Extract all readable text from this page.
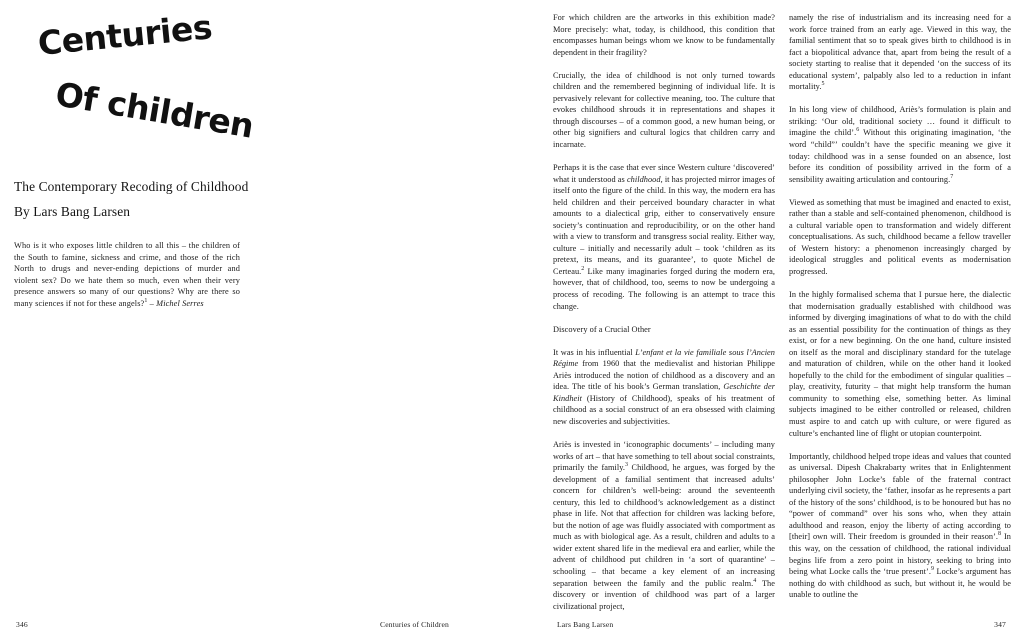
Centuries
Of children
The Contemporary Recoding of Childhood
By Lars Bang Larsen
Who is it who exposes little children to all this – the children of the South to famine, sickness and crime, and those of the rich North to drugs and never-ending depictions of murder and violent sex? Do we hate them so much, even when their very presence answers so many of our questions? Why are there so many sciences if not for these angels?$^1$ – Michel Serres

For which children are the artworks in this exhibition made? More precisely: what, today, is childhood, this condition that encompasses human beings whom we know to be fundamentally dependent in their fragility?

Crucially, the idea of childhood is not only turned towards children and the remembered beginning of individual life. It is pervasively relevant for collective meaning, too. The culture that evokes childhood shrouds it in representations and shapes it through discourses – of a common good, a new human being, or other big signifiers and cultural logics that children carry and incarnate.

Perhaps it is the case that ever since Western culture ‘discovered’ what it understood as childhood, it has projected mirror images of itself onto the figure of the child. In this way, the modern era has held children and their perceived boundary character in what amounts to a dialectical grip, either to conservatively ensure society’s continuation and reproducibility, or on the other hand with a view to transform and transgress social reality. Either way, culture – initially and necessarily adult – took ‘children as its pretext, its means, and its guarantee’, to quote Michel de Certeau.$^2$ Like many imaginaries forged during the modern era, however, that of childhood, too, seems to now be undergoing a process of recoding. The following is an attempt to trace this change.

Discovery of a Crucial Other

It was in his influential L’enfant et la vie familiale sous l’Ancien Régime from 1960 that the medievalist and historian Philippe Ariès introduced the notion of childhood as a discovery and an idea. The title of his book’s German translation, Geschichte der Kindheit (History of Childhood), speaks of his treatment of childhood as a social construct of an era obsessed with claiming new discoveries and subjectivities.

Ariès is invested in ‘iconographic documents’ – including many works of art – that have something to tell about social constraints, primarily the family.$^3$ Childhood, he argues, was forged by the development of a familial sentiment that increased adults’ concern for children’s well-being: around the seventeenth century, this led to childhood’s acknowledgement as a distinct phase in life. Not that affection for children was lacking before, but the notion of age was fluidly associated with comportment as much as with biological age. As a result, children and adults to a wider extent shared life in the medieval era and earlier, while the advent of childhood put children in ‘a sort of quarantine’ – schooling – that became a key element of an increasing separation between the family and the public realm.$^4$ The discovery or invention of childhood was part of a larger civilizational project,

namely the rise of industrialism and its increasing need for a work force trained from an early age. Viewed in this way, the familial sentiment that so to speak gives birth to childhood is in fact a biopolitical advance that, apart from being the result of a society starting to realise that it depended ‘on the success of its educational system’, palpably also led to a reduction in infant mortality.$^5$

In his long view of childhood, Ariès’s formulation is plain and striking: ‘Our old, traditional society … found it difficult to imagine the child’.$^6$ Without this originating imagination, ‘the word “child”’ couldn’t have the specific meaning we give it today: childhood was in a sense founded on an absence, lost before its condition of possibility arrived in the form of a sensibility awaiting articulation and contouring.$^7$

Viewed as something that must be imagined and enacted to exist, rather than a stable and self-contained phenomenon, childhood is a cultural variable open to transformation and widely different conceptualisations. As such, childhood became a fellow traveller of Western history: a phenomenon increasingly charged by ideological struggles and political events as modernisation progressed.

In the highly formalised schema that I pursue here, the dialectic that modernisation gradually established with childhood was informed by diverging imaginations of what to do with the child as an essential possibility for the continuation of things as they exist, or for a new beginning. On the one hand, culture insisted on itself as the moral and disciplinary standard for the tutelage and maturation of children, while on the other hand it looked hopefully to the child for the embodiment of singular qualities – play, creativity, futurity – that might help transform the human community to something else, something better. As liminal subjects imagined to be either controlled or released, children must aspire to and catch up with culture, or were figured as culture’s enchanted line of flight or utopian counterpoint.

Importantly, childhood helped trope ideas and values that counted as universal. Dipesh Chakrabarty writes that in Enlightenment philosopher John Locke’s fable of the fraternal contract underlying civil society, the ‘father, insofar as he represents a part of the history of the sons’ childhood, is to be honoured but has no “power of command” over his sons who, when they attain adulthood and reason, enjoy the liberty of acting according to [their] own will. Their freedom is grounded in their reason’.$^8$ In this way, on the cessation of childhood, the rational individual begins life from a zero point in history, seeking to bring into being what Locke calls the ‘true present’.$^9$ Locke’s argument has nothing do with childhood as such, but without it, he would be unable to outline the

346	Centuries of Children	Lars Bang Larsen	347
